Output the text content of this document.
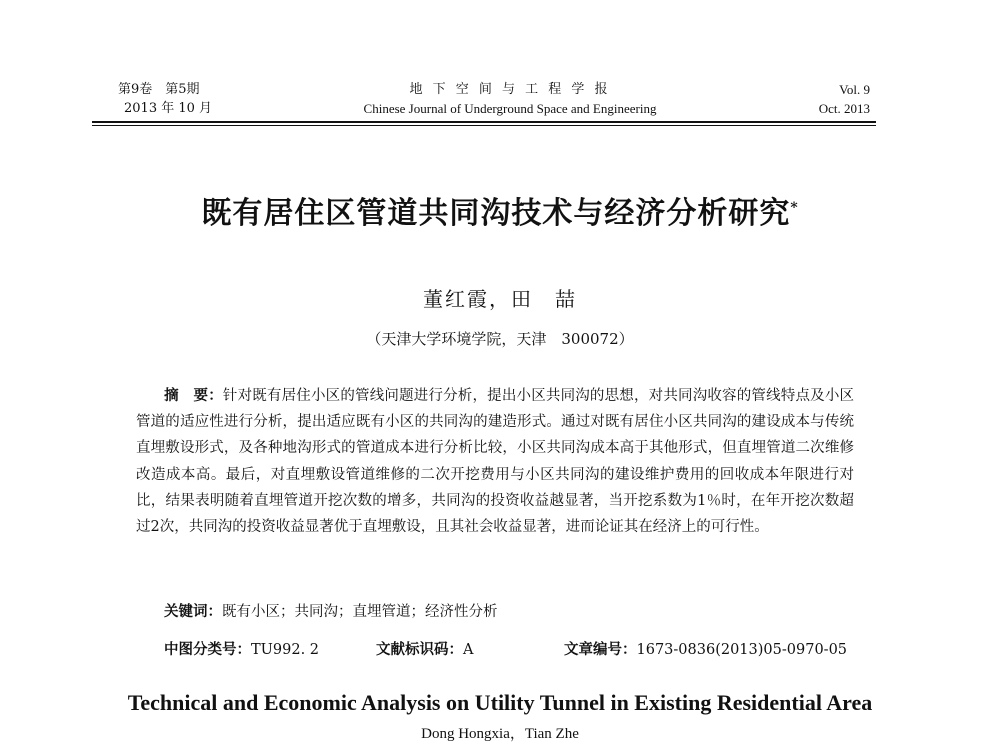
第9卷　第5期
2013 年 10 月
地 下 空 间 与 工 程 学 报
Chinese Journal of Underground Space and Engineering
Vol. 9
Oct. 2013
既有居住区管道共同沟技术与经济分析研究*
董红霞，田　喆
（天津大学环境学院，天津　300072）
摘　要：针对既有居住小区的管线问题进行分析，提出小区共同沟的思想，对共同沟收容的管线特点及小区管道的适应性进行分析，提出适应既有小区的共同沟的建造形式。通过对既有居住小区共同沟的建设成本与传统直埋敷设形式，及各种地沟形式的管道成本进行分析比较，小区共同沟成本高于其他形式，但直埋管道二次维修改造成本高。最后，对直埋敷设管道维修的二次开挖费用与小区共同沟的建设维护费用的回收成本年限进行对比，结果表明随着直埋管道开挖次数的增多，共同沟的投资收益越显著，当开挖系数为1％时，在年开挖次数超过2次，共同沟的投资收益显著优于直埋敷设，且其社会收益显著，进而论证其在经济上的可行性。
关键词：既有小区；共同沟；直埋管道；经济性分析
中图分类号：TU992. 2	文献标识码：A	文章编号：1673-0836(2013)05-0970-05
Technical and Economic Analysis on Utility Tunnel in Existing Residential Area
Dong Hongxia，Tian Zhe
